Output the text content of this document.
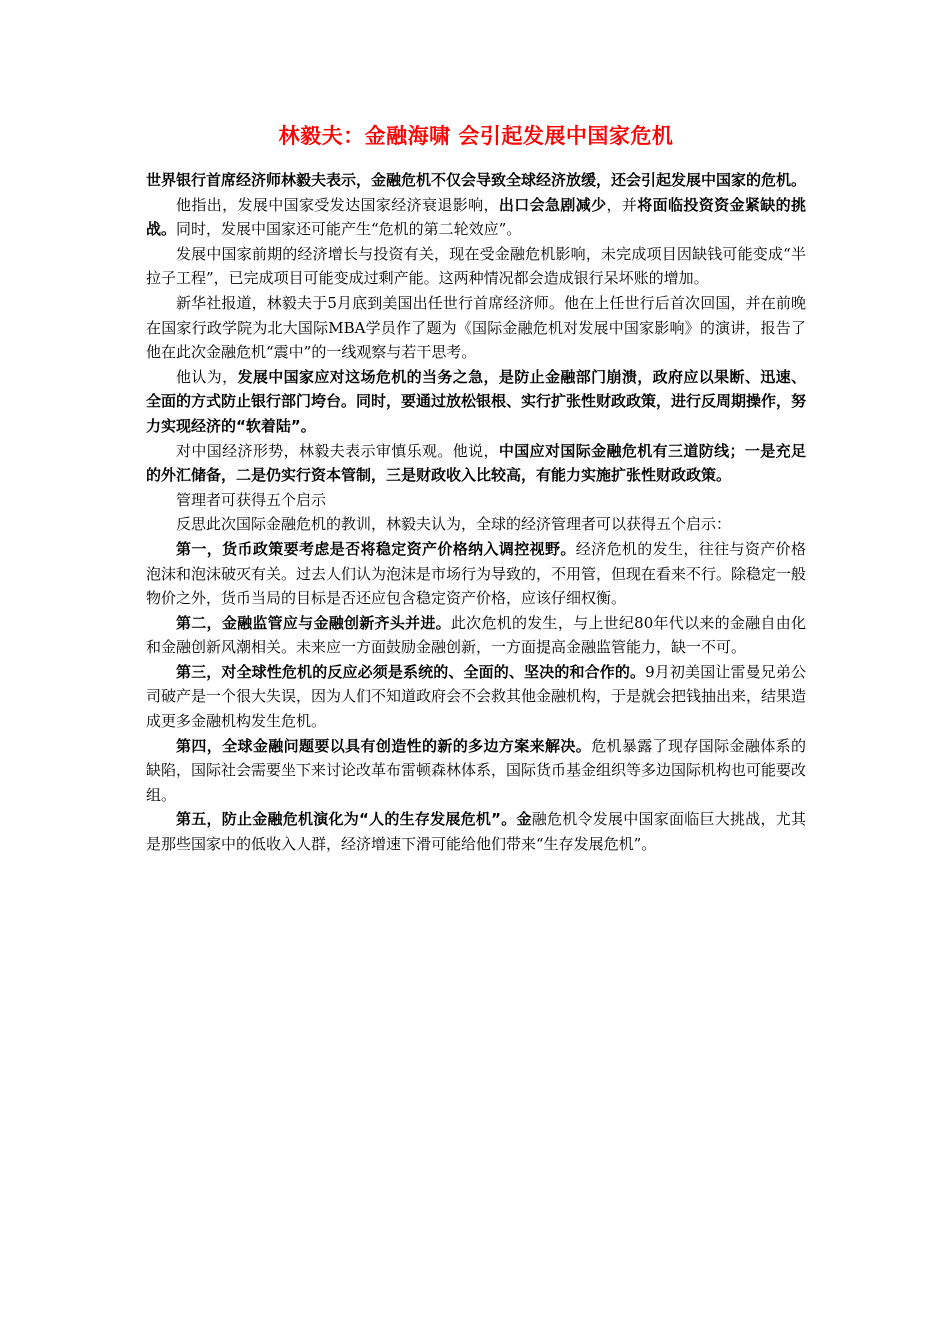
林毅夫：金融海啸 会引起发展中国家危机

世界银行首席经济师林毅夫表示，金融危机不仅会导致全球经济放缓，还会引起发展中国家的危机。

他指出，发展中国家受发达国家经济衰退影响，出口会急剧减少，并将面临投资资金紧缺的挑战。同时，发展中国家还可能产生“危机的第二轮效应”。

发展中国家前期的经济增长与投资有关，现在受金融危机影响，未完成项目因缺钱可能变成“半拉子工程”，已完成项目可能变成过剩产能。这两种情况都会造成银行呆坏账的增加。

新华社报道，林毅夫于5月底到美国出任世行首席经济师。他在上任世行后首次回国，并在前晚在国家行政学院为北大国际MBA学员作了题为《国际金融危机对发展中国家影响》的演讲，报告了他在此次金融危机“震中”的一线观察与若干思考。

他认为，发展中国家应对这场危机的当务之急，是防止金融部门崩溃，政府应以果断、迅速、全面的方式防止银行部门垮台。同时，要通过放松银根、实行扩张性财政政策，进行反周期操作，努力实现经济的“软着陆”。

对中国经济形势，林毅夫表示审慎乐观。他说，中国应对国际金融危机有三道防线；一是充足的外汇储备，二是仍实行资本管制，三是财政收入比较高，有能力实施扩张性财政政策。

管理者可获得五个启示

反思此次国际金融危机的教训，林毅夫认为，全球的经济管理者可以获得五个启示：

第一，货币政策要考虑是否将稳定资产价格纳入调控视野。经济危机的发生，往往与资产价格泡沫和泡沫破灭有关。过去人们认为泡沫是市场行为导致的，不用管，但现在看来不行。除稳定一般物价之外，货币当局的目标是否还应包含稳定资产价格，应该仔细权衡。

第二，金融监管应与金融创新齐头并进。此次危机的发生，与上世纪80年代以来的金融自由化和金融创新风潮相关。未来应一方面鼓励金融创新，一方面提高金融监管能力，缺一不可。

第三，对全球性危机的反应必须是系统的、全面的、坚决的和合作的。9月初美国让雷曼兄弟公司破产是一个很大失误，因为人们不知道政府会不会救其他金融机构，于是就会把钱抽出来，结果造成更多金融机构发生危机。

第四，全球金融问题要以具有创造性的新的多边方案来解决。危机暴露了现存国际金融体系的缺陷，国际社会需要坐下来讨论改革布雷顿森林体系，国际货币基金组织等多边国际机构也可能要改组。

第五，防止金融危机演化为“人的生存发展危机”。金融危机令发展中国家面临巨大挑战，尤其是那些国家中的低收入人群，经济增速下滑可能给他们带来“生存发展危机”。
